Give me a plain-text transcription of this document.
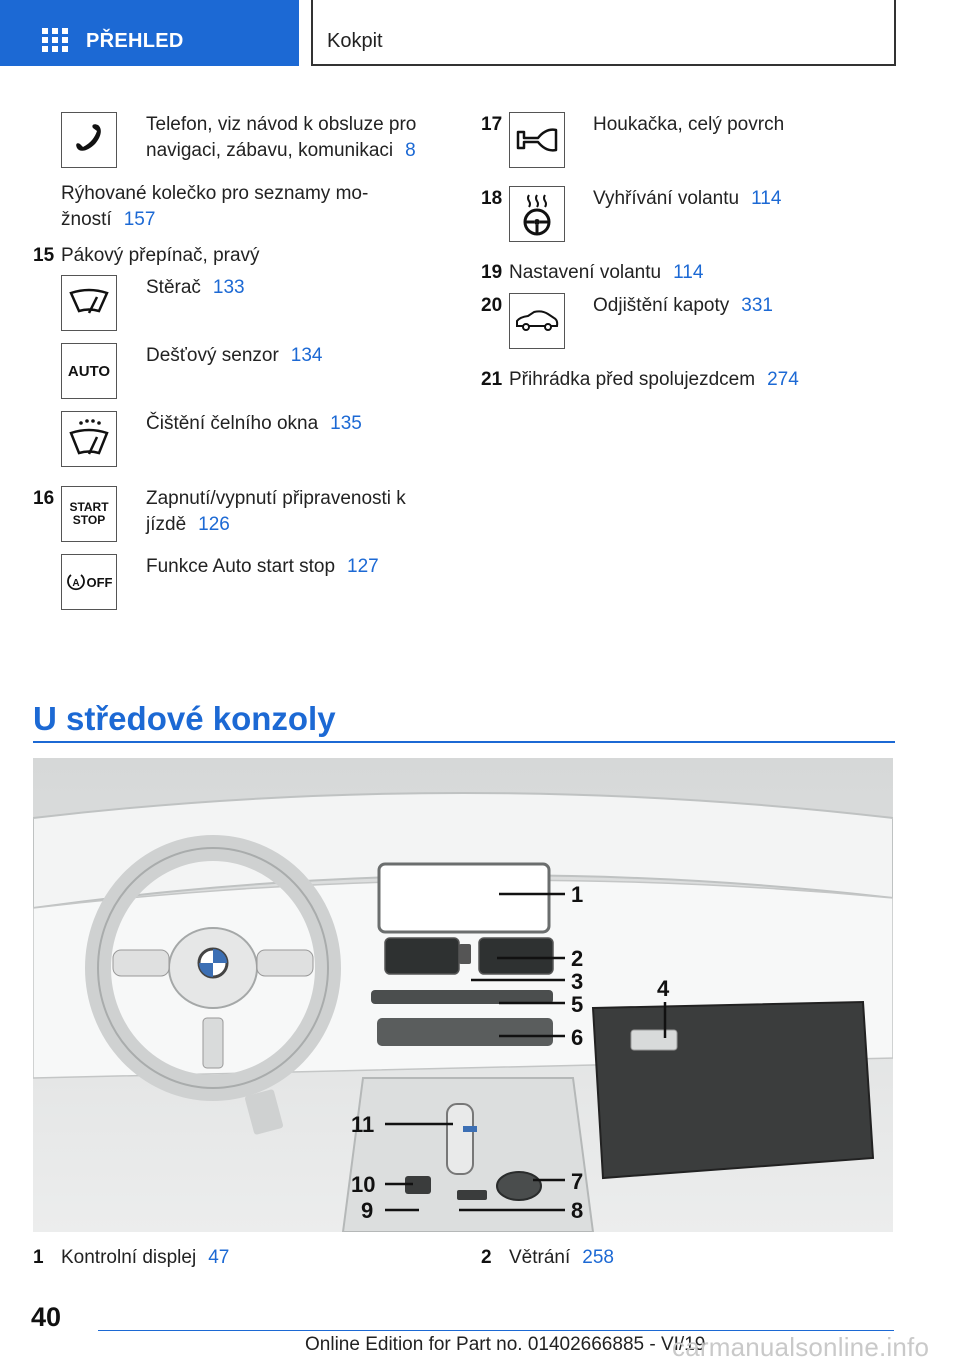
PŘEHLED	Kokpit
Telefon, viz návod k obsluze pro navigaci, zábavu, komunikaci 8
Rýhované kolečko pro seznamy mo-žností 157
15 Pákový přepínač, pravý
Stěrač 133
AUTO
Dešťový senzor 134
Čištění čelního okna 135
16 START
STOP
Zapnutí/vypnutí připravenosti k jízdě 126
A OFF
Funkce Auto start stop 127
17	Houkačka, celý povrch
18	Vyhřívání volantu 114
19 Nastavení volantu 114
20	Odjištění kapoty 331
21 Přihrádka před spolujezdcem 274
U středové konzoly
1
2
3	4
5
6
7
8
9
10
11
1 Kontrolní displej 47	2 Větrání 258
40
Online Edition for Part no. 01402666885 - VI/19
carmanualsonline.info
